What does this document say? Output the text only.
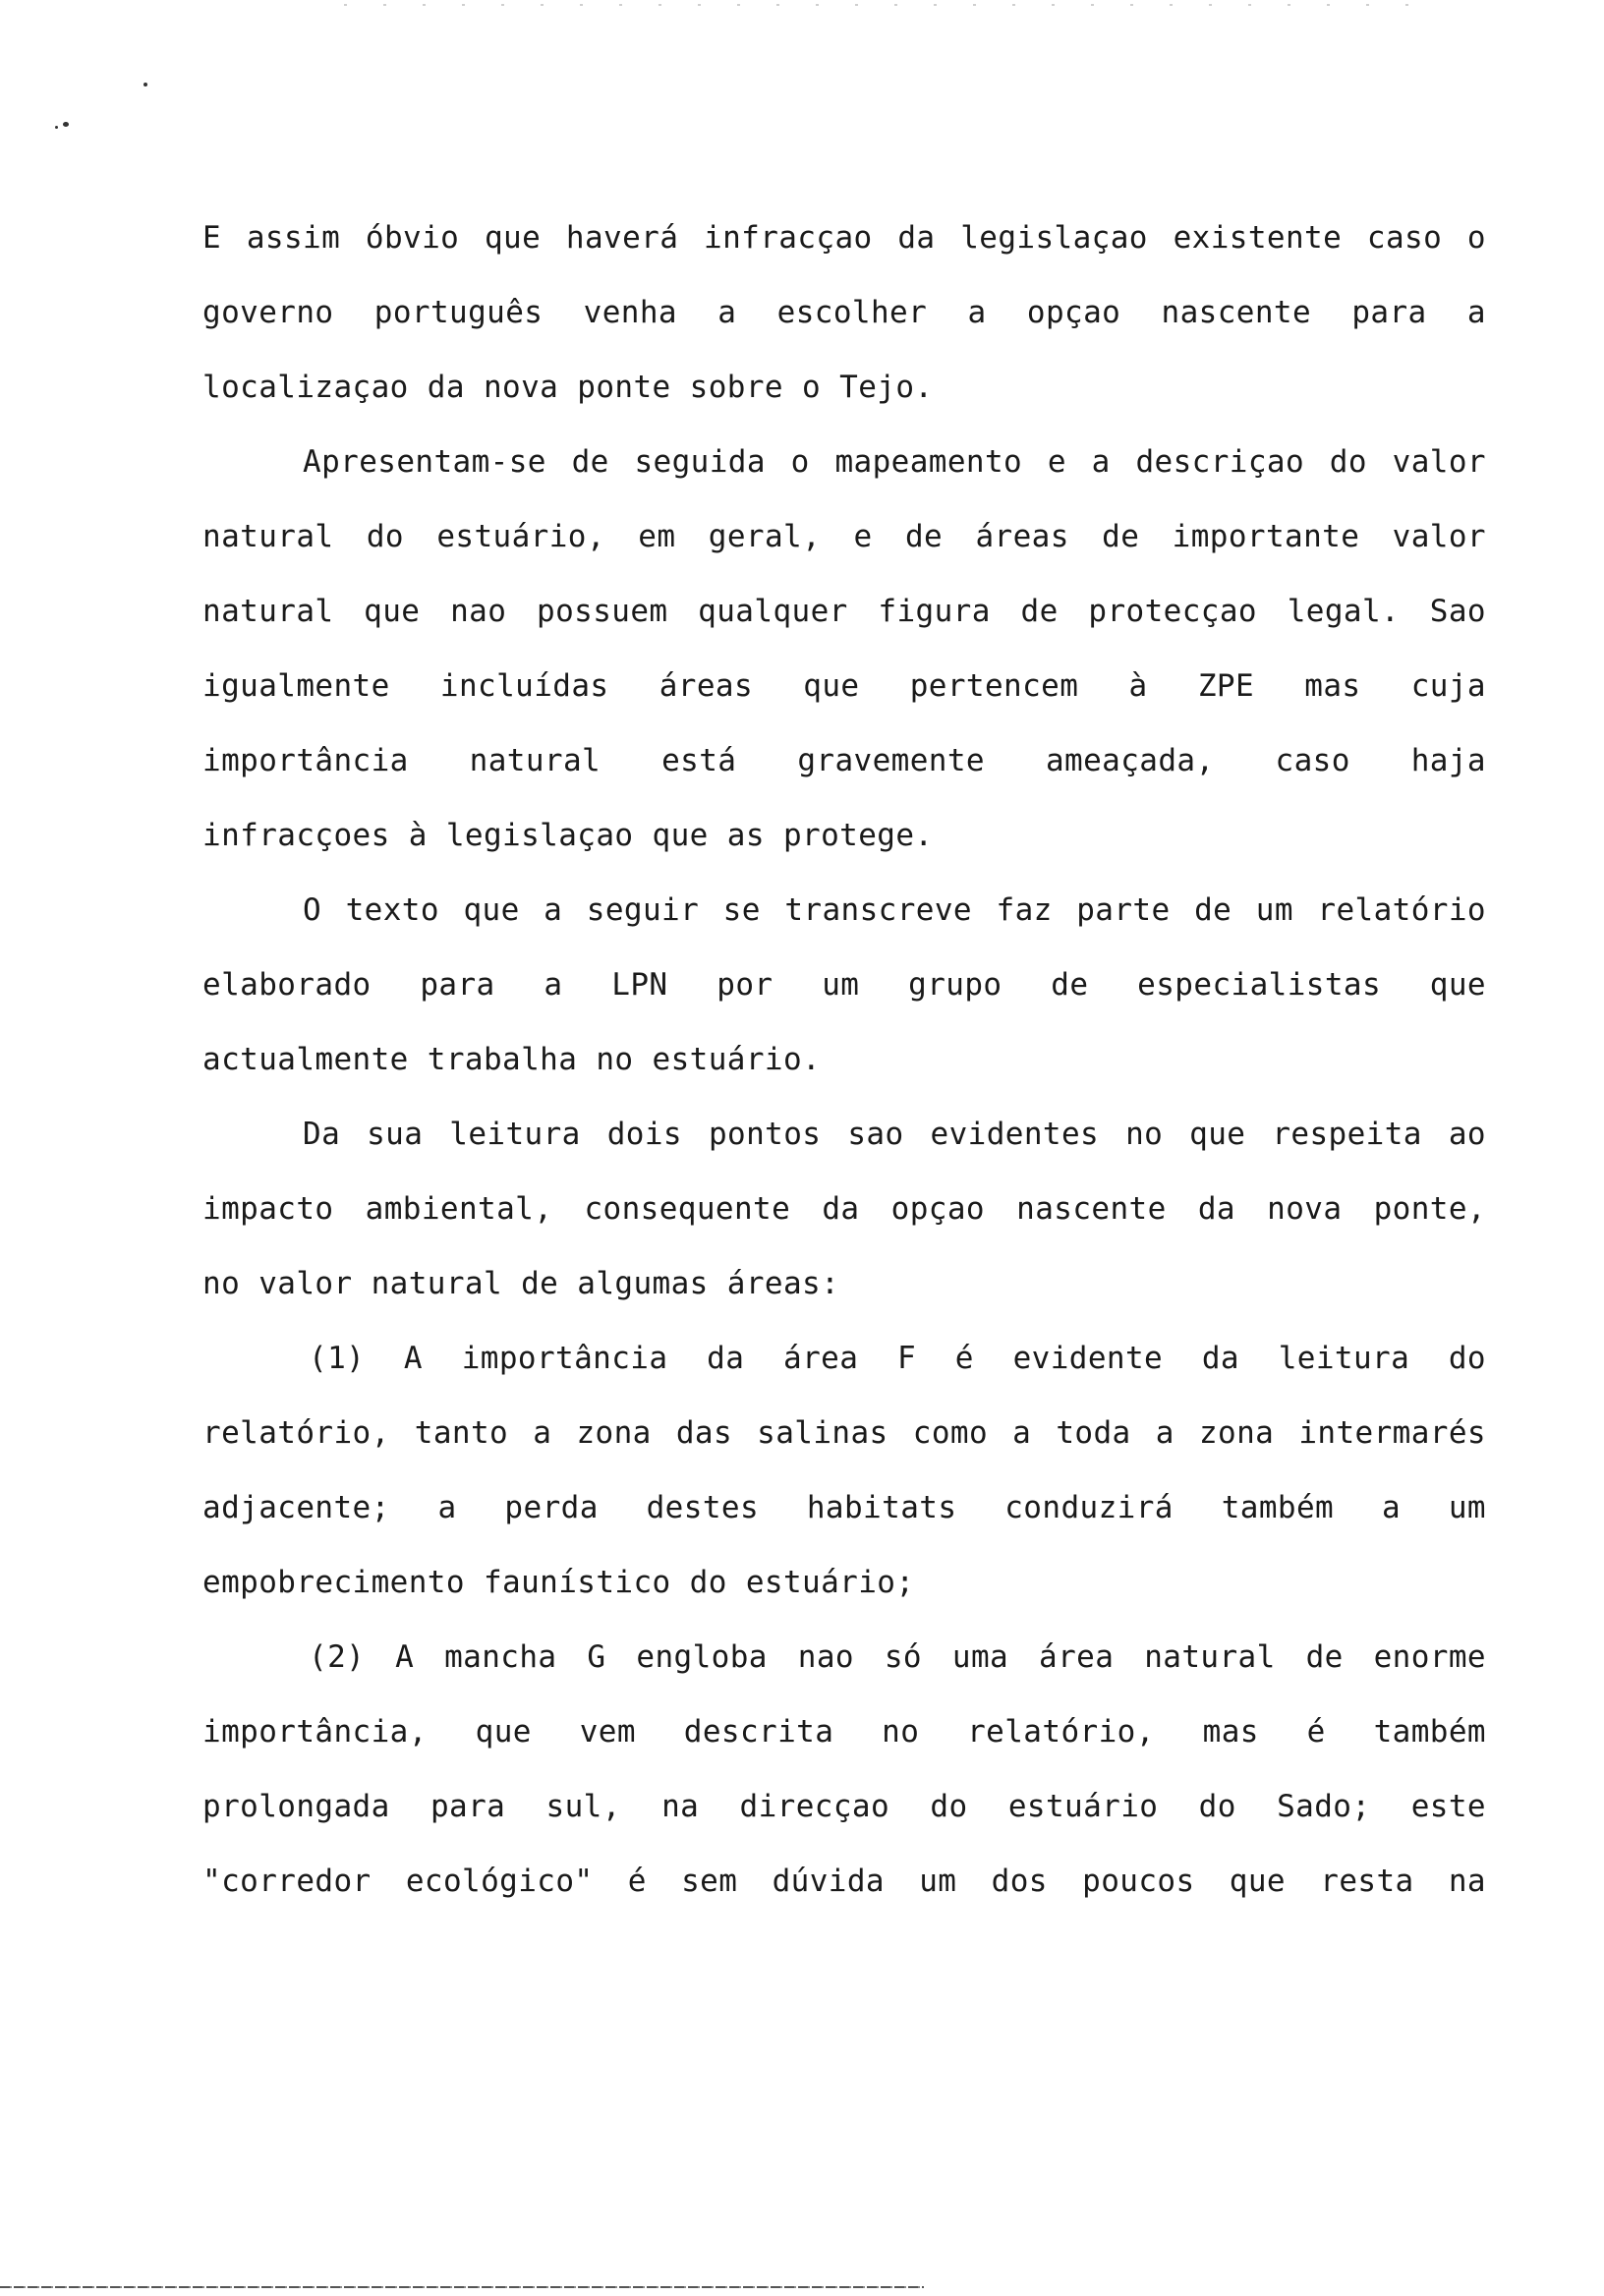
E assim óbvio que haverá infracçao da legislaçao existente caso o
governo português venha a escolher a opçao nascente para a
localizaçao da nova ponte sobre o Tejo.
Apresentam-se de seguida o mapeamento e a descriçao do valor
natural do estuário, em geral, e de áreas de importante valor
natural que nao possuem qualquer figura de protecçao legal. Sao
igualmente incluídas áreas que pertencem à ZPE mas cuja
importância natural está gravemente ameaçada, caso haja
infracçoes à legislaçao que as protege.
O texto que a seguir se transcreve faz parte de um relatório
elaborado para a LPN por um grupo de especialistas que
actualmente trabalha no estuário.
Da sua leitura dois pontos sao evidentes no que respeita ao
impacto ambiental, consequente da opçao nascente da nova ponte,
no valor natural de algumas áreas:
(1) A importância da área F é evidente da leitura do
relatório, tanto a zona das salinas como a toda a zona intermarés
adjacente; a perda destes habitats conduzirá também a um
empobrecimento faunístico do estuário;
(2) A mancha G engloba nao só uma área natural de enorme
importância, que vem descrita no relatório, mas é também
prolongada para sul, na direcçao do estuário do Sado; este
"corredor ecológico" é sem dúvida um dos poucos que resta na
